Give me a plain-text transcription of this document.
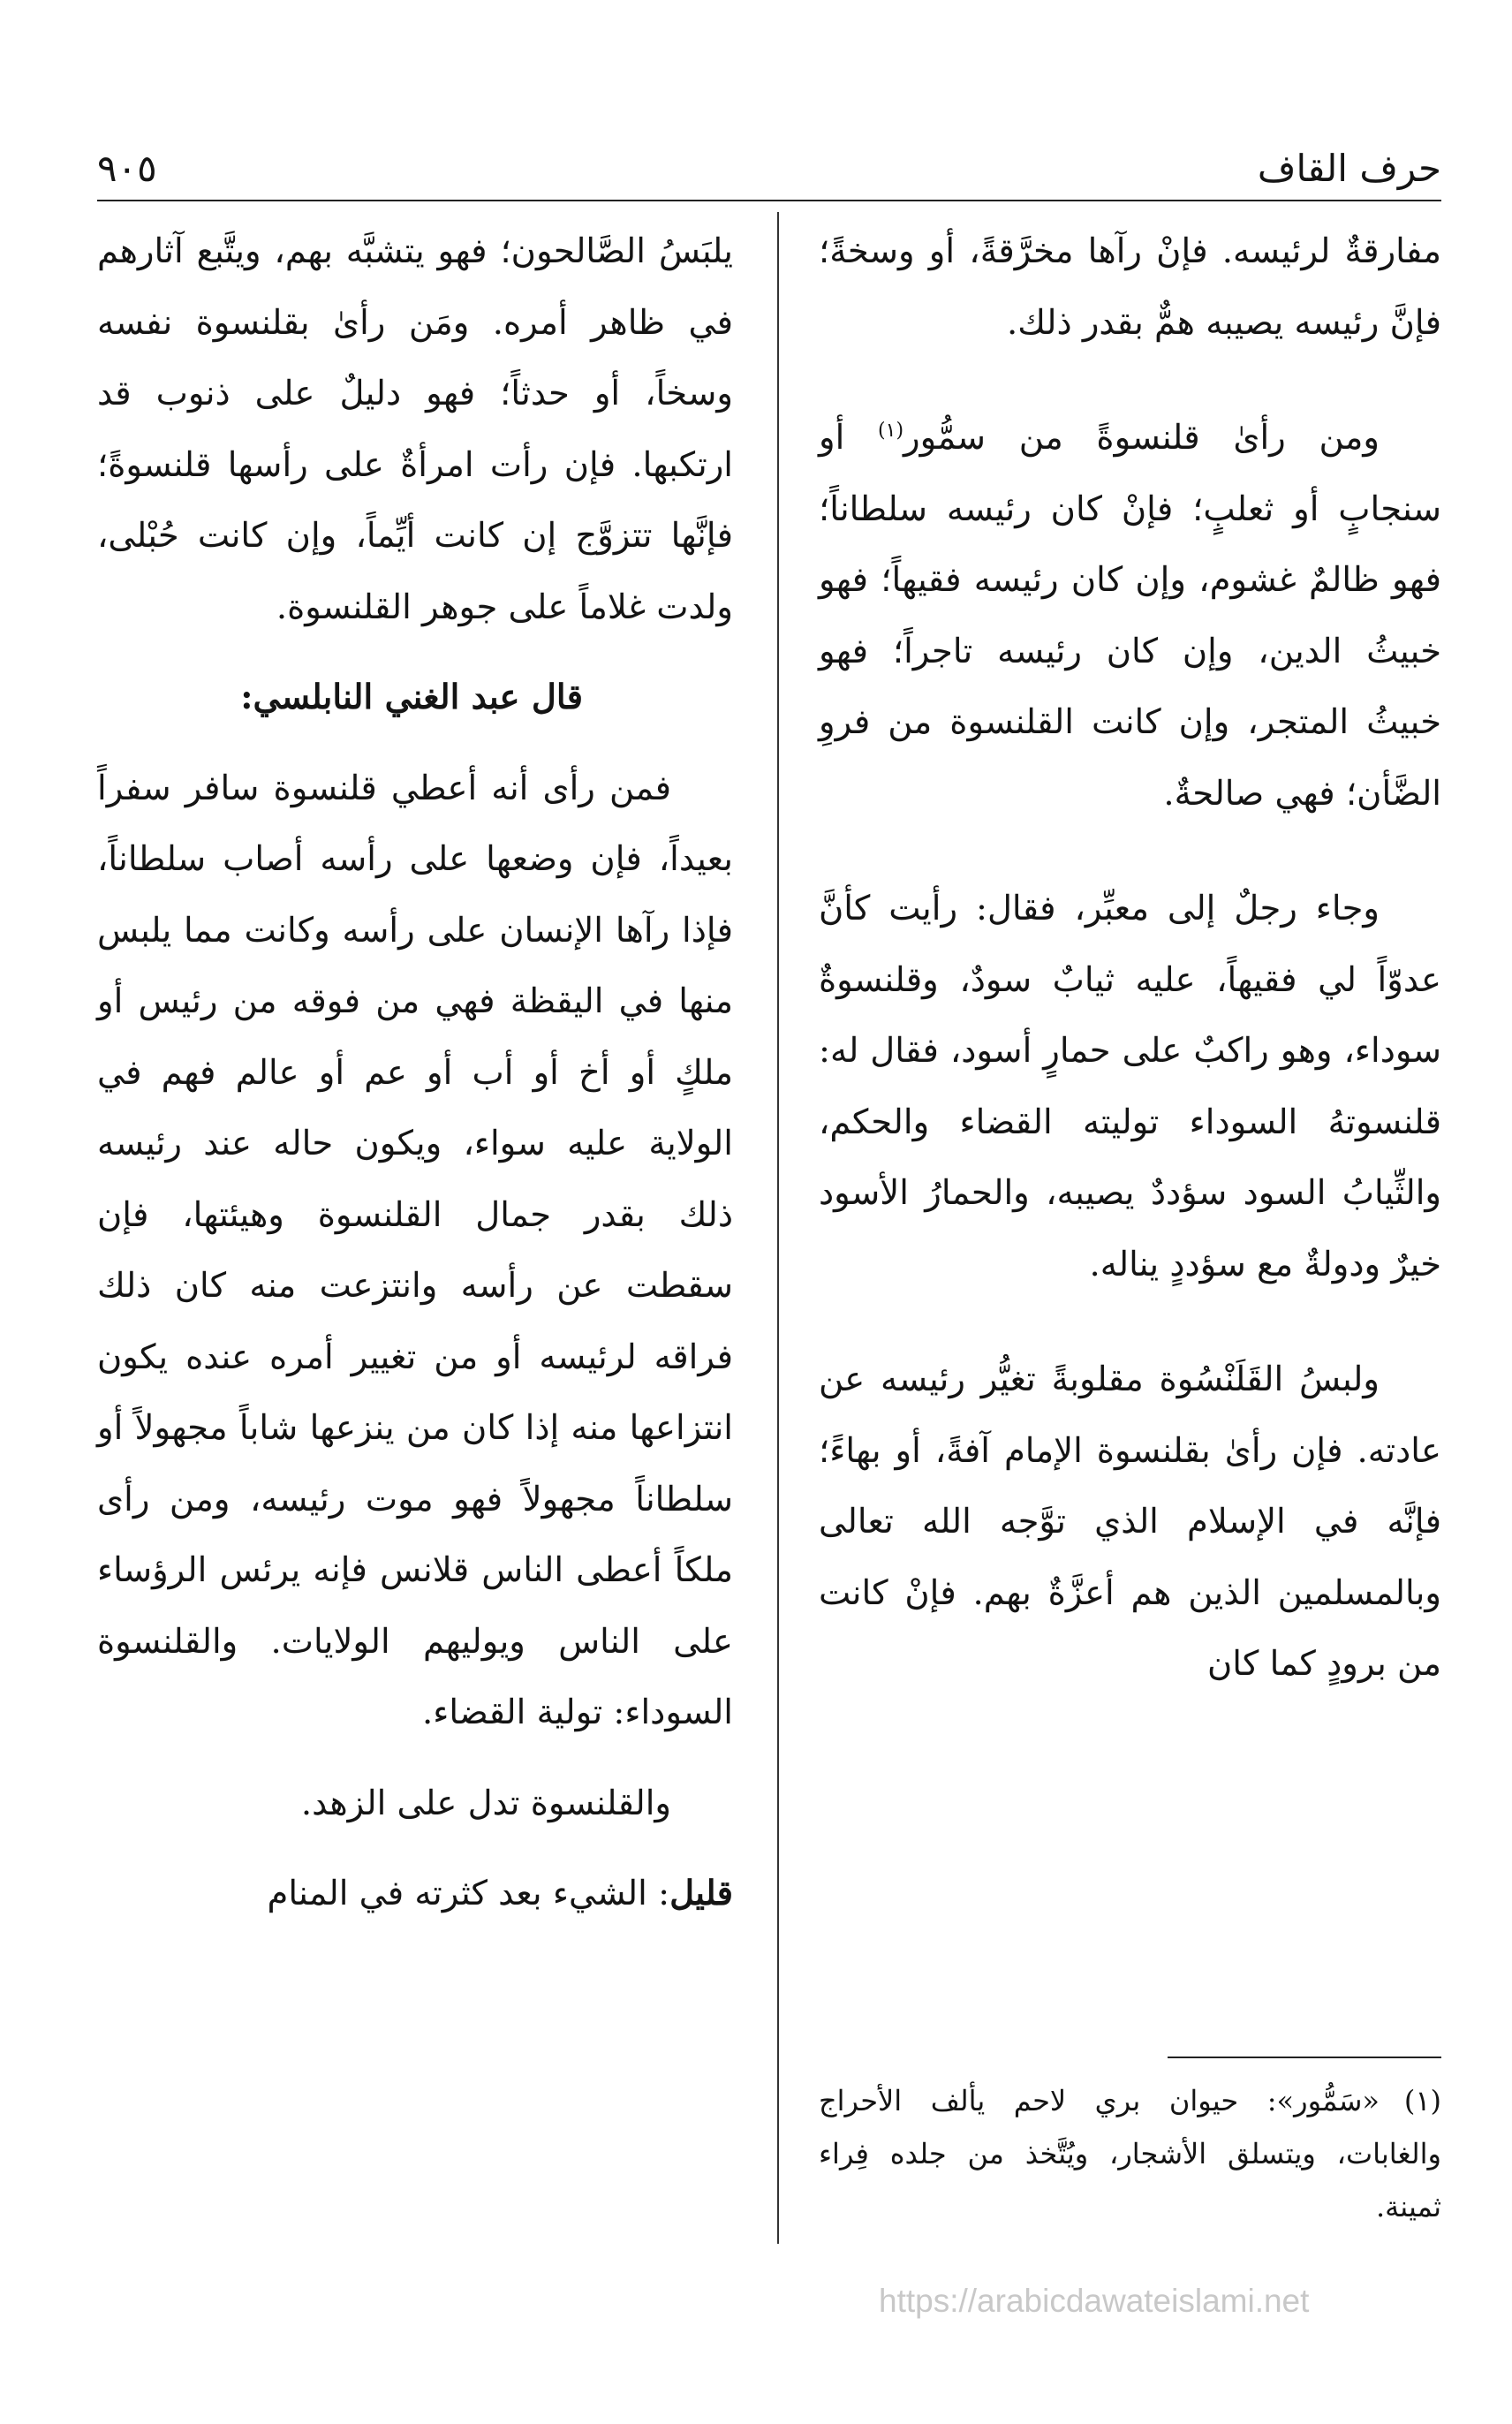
حرف القاف
٩٠٥

مفارقةٌ لرئيسه. فإنْ رآها مخرَّقةً، أو وسخةً؛ فإنَّ رئيسه يصيبه همٌّ بقدر ذلك.

ومن رأىٰ قلنسوةً من سمُّور$^{(١)}$ أو سنجابٍ أو ثعلبٍ؛ فإنْ كان رئيسه سلطاناً؛ فهو ظالمٌ غشوم، وإن كان رئيسه فقيهاً؛ فهو خبيثُ الدين، وإن كان رئيسه تاجراً؛ فهو خبيثُ المتجر، وإن كانت القلنسوة من فروِ الضَّأن؛ فهي صالحةٌ.

وجاء رجلٌ إلى معبِّر، فقال: رأيت كأنَّ عدوّاً لي فقيهاً، عليه ثيابٌ سودٌ، وقلنسوةٌ سوداء، وهو راكبٌ على حمارٍ أسود، فقال له: قلنسوتهُ السوداء توليته القضاء والحكم، والثِّيابُ السود سؤددٌ يصيبه، والحمارُ الأسود خيرٌ ودولةٌ مع سؤددٍ يناله.

ولبسُ القَلَنْسُوة مقلوبةً تغيُّر رئيسه عن عادته. فإن رأىٰ بقلنسوة الإمام آفةً، أو بهاءً؛ فإنَّه في الإسلام الذي توَّجه الله تعالى وبالمسلمين الذين هم أعزَّةٌ بهم. فإنْ كانت من برودٍ كما كان

يلبَسُ الصَّالحون؛ فهو يتشبَّه بهم، ويتَّبع آثارهم في ظاهر أمره. ومَن رأىٰ بقلنسوة نفسه وسخاً، أو حدثاً؛ فهو دليلٌ على ذنوب قد ارتكبها. فإن رأت امرأةٌ على رأسها قلنسوةً؛ فإنَّها تتزوَّج إن كانت أيِّماً، وإن كانت حُبْلى، ولدت غلاماً على جوهر القلنسوة.

قال عبد الغني النابلسي:

فمن رأى أنه أعطي قلنسوة سافر سفراً بعيداً، فإن وضعها على رأسه أصاب سلطاناً، فإذا رآها الإنسان على رأسه وكانت مما يلبس منها في اليقظة فهي من فوقه من رئيس أو ملكٍ أو أخ أو أب أو عم أو عالم فهم في الولاية عليه سواء، ويكون حاله عند رئيسه ذلك بقدر جمال القلنسوة وهيئتها، فإن سقطت عن رأسه وانتزعت منه كان ذلك فراقه لرئيسه أو من تغيير أمره عنده يكون انتزاعها منه إذا كان من ينزعها شاباً مجهولاً أو سلطاناً مجهولاً فهو موت رئيسه، ومن رأى ملكاً أعطى الناس قلانس فإنه يرئس الرؤساء على الناس ويوليهم الولايات. والقلنسوة السوداء: تولية القضاء.

والقلنسوة تدل على الزهد.

قليل: الشيء بعد كثرته في المنام

(١)«سَمُّور»: حيوان بري لاحم يألف الأحراج والغابات، ويتسلق الأشجار، ويُتَّخذ من جلده فِراء ثمينة.

https://arabicdawateislami.net
